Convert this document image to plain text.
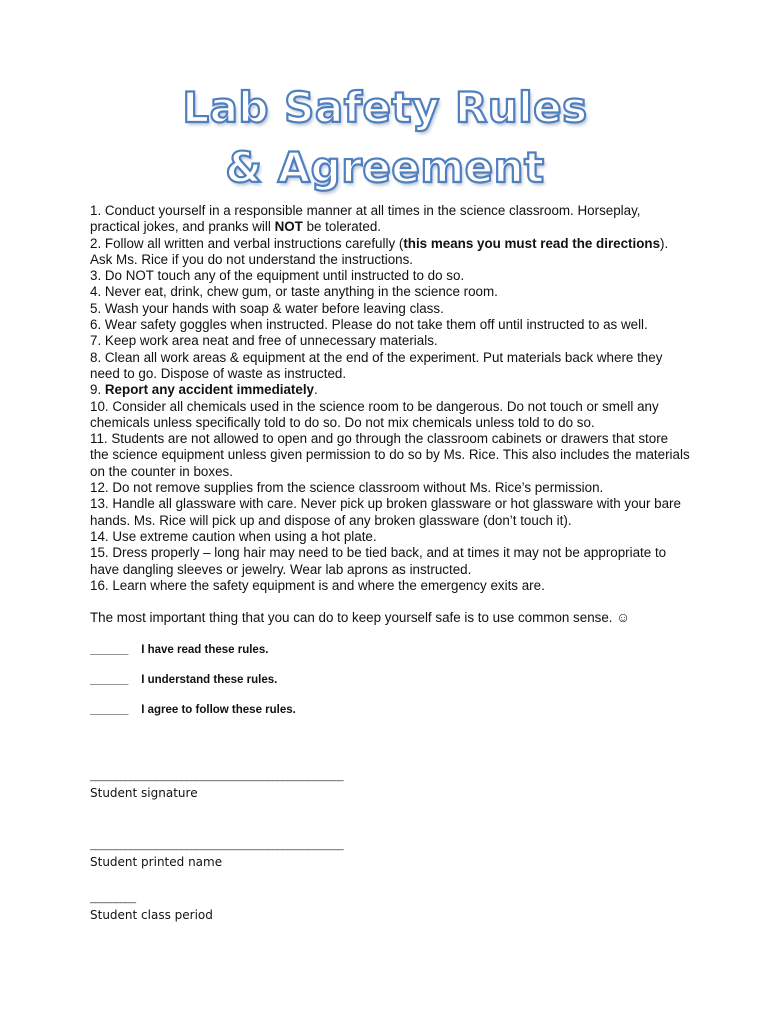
Lab Safety Rules
& Agreement

1. Conduct yourself in a responsible manner at all times in the science classroom. Horseplay, practical jokes, and pranks will NOT be tolerated.

2. Follow all written and verbal instructions carefully (this means you must read the directions). Ask Ms. Rice if you do not understand the instructions.

3. Do NOT touch any of the equipment until instructed to do so.

4. Never eat, drink, chew gum, or taste anything in the science room.

5. Wash your hands with soap & water before leaving class.

6. Wear safety goggles when instructed. Please do not take them off until instructed to as well.

7. Keep work area neat and free of unnecessary materials.

8. Clean all work areas & equipment at the end of the experiment. Put materials back where they need to go. Dispose of waste as instructed.

9. Report any accident immediately.

10. Consider all chemicals used in the science room to be dangerous. Do not touch or smell any chemicals unless specifically told to do so. Do not mix chemicals unless told to do so.

11. Students are not allowed to open and go through the classroom cabinets or drawers that store the science equipment unless given permission to do so by Ms. Rice. This also includes the materials on the counter in boxes.

12. Do not remove supplies from the science classroom without Ms. Rice’s permission.

13. Handle all glassware with care. Never pick up broken glassware or hot glassware with your bare hands. Ms. Rice will pick up and dispose of any broken glassware (don’t touch it).

14. Use extreme caution when using a hot plate.

15. Dress properly – long hair may need to be tied back, and at times it may not be appropriate to have dangling sleeves or jewelry. Wear lab aprons as instructed.

16. Learn where the safety equipment is and where the emergency exits are.

The most important thing that you can do to keep yourself safe is to use common sense. ☺
______ I have read these rules.
______ I understand these rules.
______ I agree to follow these rules.
__________________________________________________
Student signature
__________________________________________________
Student printed name
_________
Student class period
